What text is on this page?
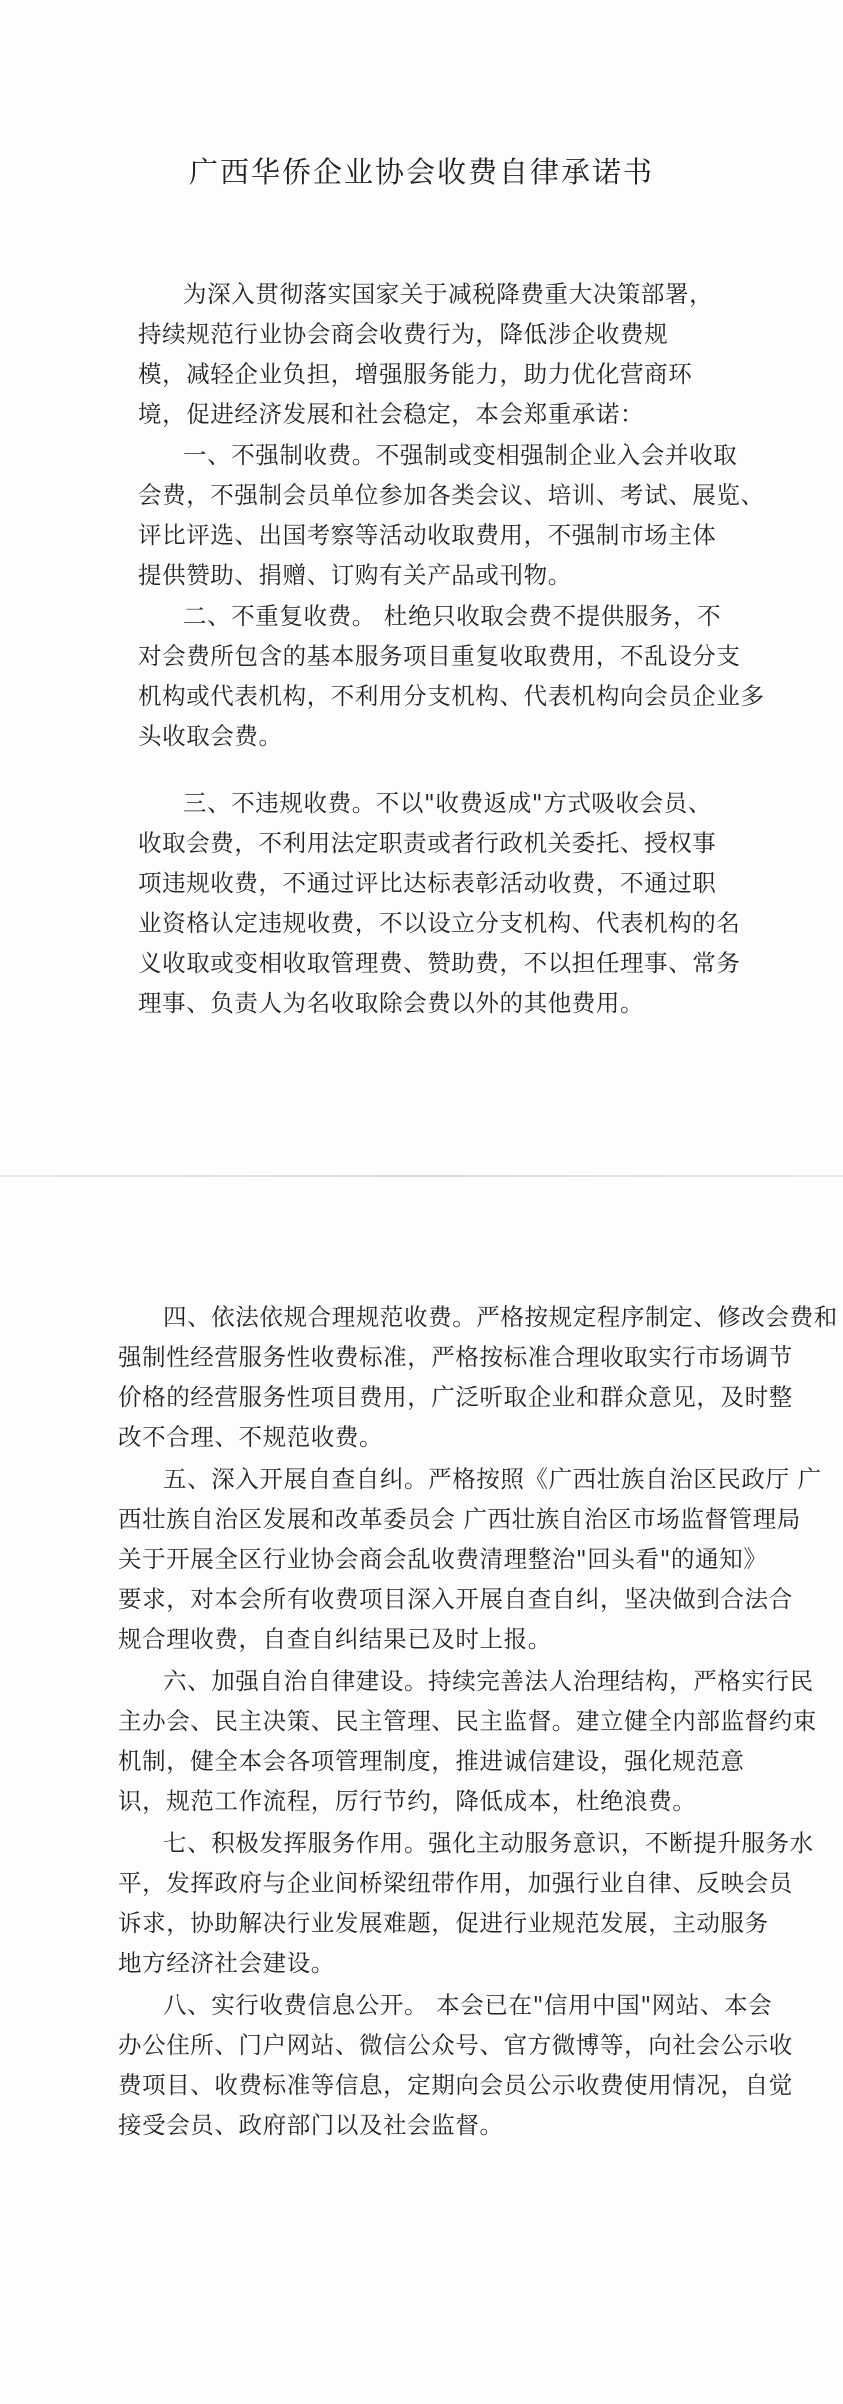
广西华侨企业协会收费自律承诺书
为深入贯彻落实国家关于减税降费重大决策部署，
持续规范行业协会商会收费行为，降低涉企收费规
模，减轻企业负担，增强服务能力，助力优化营商环
境，促进经济发展和社会稳定，本会郑重承诺：
一、不强制收费。不强制或变相强制企业入会并收取
会费，不强制会员单位参加各类会议、培训、考试、展览、
评比评选、出国考察等活动收取费用，不强制市场主体
提供赞助、捐赠、订购有关产品或刊物。
二、不重复收费。 杜绝只收取会费不提供服务，不
对会费所包含的基本服务项目重复收取费用，不乱设分支
机构或代表机构，不利用分支机构、代表机构向会员企业多
头收取会费。
三、不违规收费。不以"收费返成"方式吸收会员、
收取会费，不利用法定职责或者行政机关委托、授权事
项违规收费，不通过评比达标表彰活动收费，不通过职
业资格认定违规收费，不以设立分支机构、代表机构的名
义收取或变相收取管理费、赞助费，不以担任理事、常务
理事、负责人为名收取除会费以外的其他费用。
四、依法依规合理规范收费。严格按规定程序制定、修改会费和
强制性经营服务性收费标准，严格按标准合理收取实行市场调节
价格的经营服务性项目费用，广泛听取企业和群众意见，及时整
改不合理、不规范收费。
五、深入开展自查自纠。严格按照《广西壮族自治区民政厅 广
西壮族自治区发展和改革委员会 广西壮族自治区市场监督管理局
关于开展全区行业协会商会乱收费清理整治"回头看"的通知》
要求，对本会所有收费项目深入开展自查自纠，坚决做到合法合
规合理收费，自查自纠结果已及时上报。
六、加强自治自律建设。持续完善法人治理结构，严格实行民
主办会、民主决策、民主管理、民主监督。建立健全内部监督约束
机制，健全本会各项管理制度，推进诚信建设，强化规范意
识，规范工作流程，厉行节约，降低成本，杜绝浪费。
七、积极发挥服务作用。强化主动服务意识，不断提升服务水
平，发挥政府与企业间桥梁纽带作用，加强行业自律、反映会员
诉求，协助解决行业发展难题，促进行业规范发展，主动服务
地方经济社会建设。
八、实行收费信息公开。 本会已在"信用中国"网站、本会
办公住所、门户网站、微信公众号、官方微博等，向社会公示收
费项目、收费标准等信息，定期向会员公示收费使用情况，自觉
接受会员、政府部门以及社会监督。
